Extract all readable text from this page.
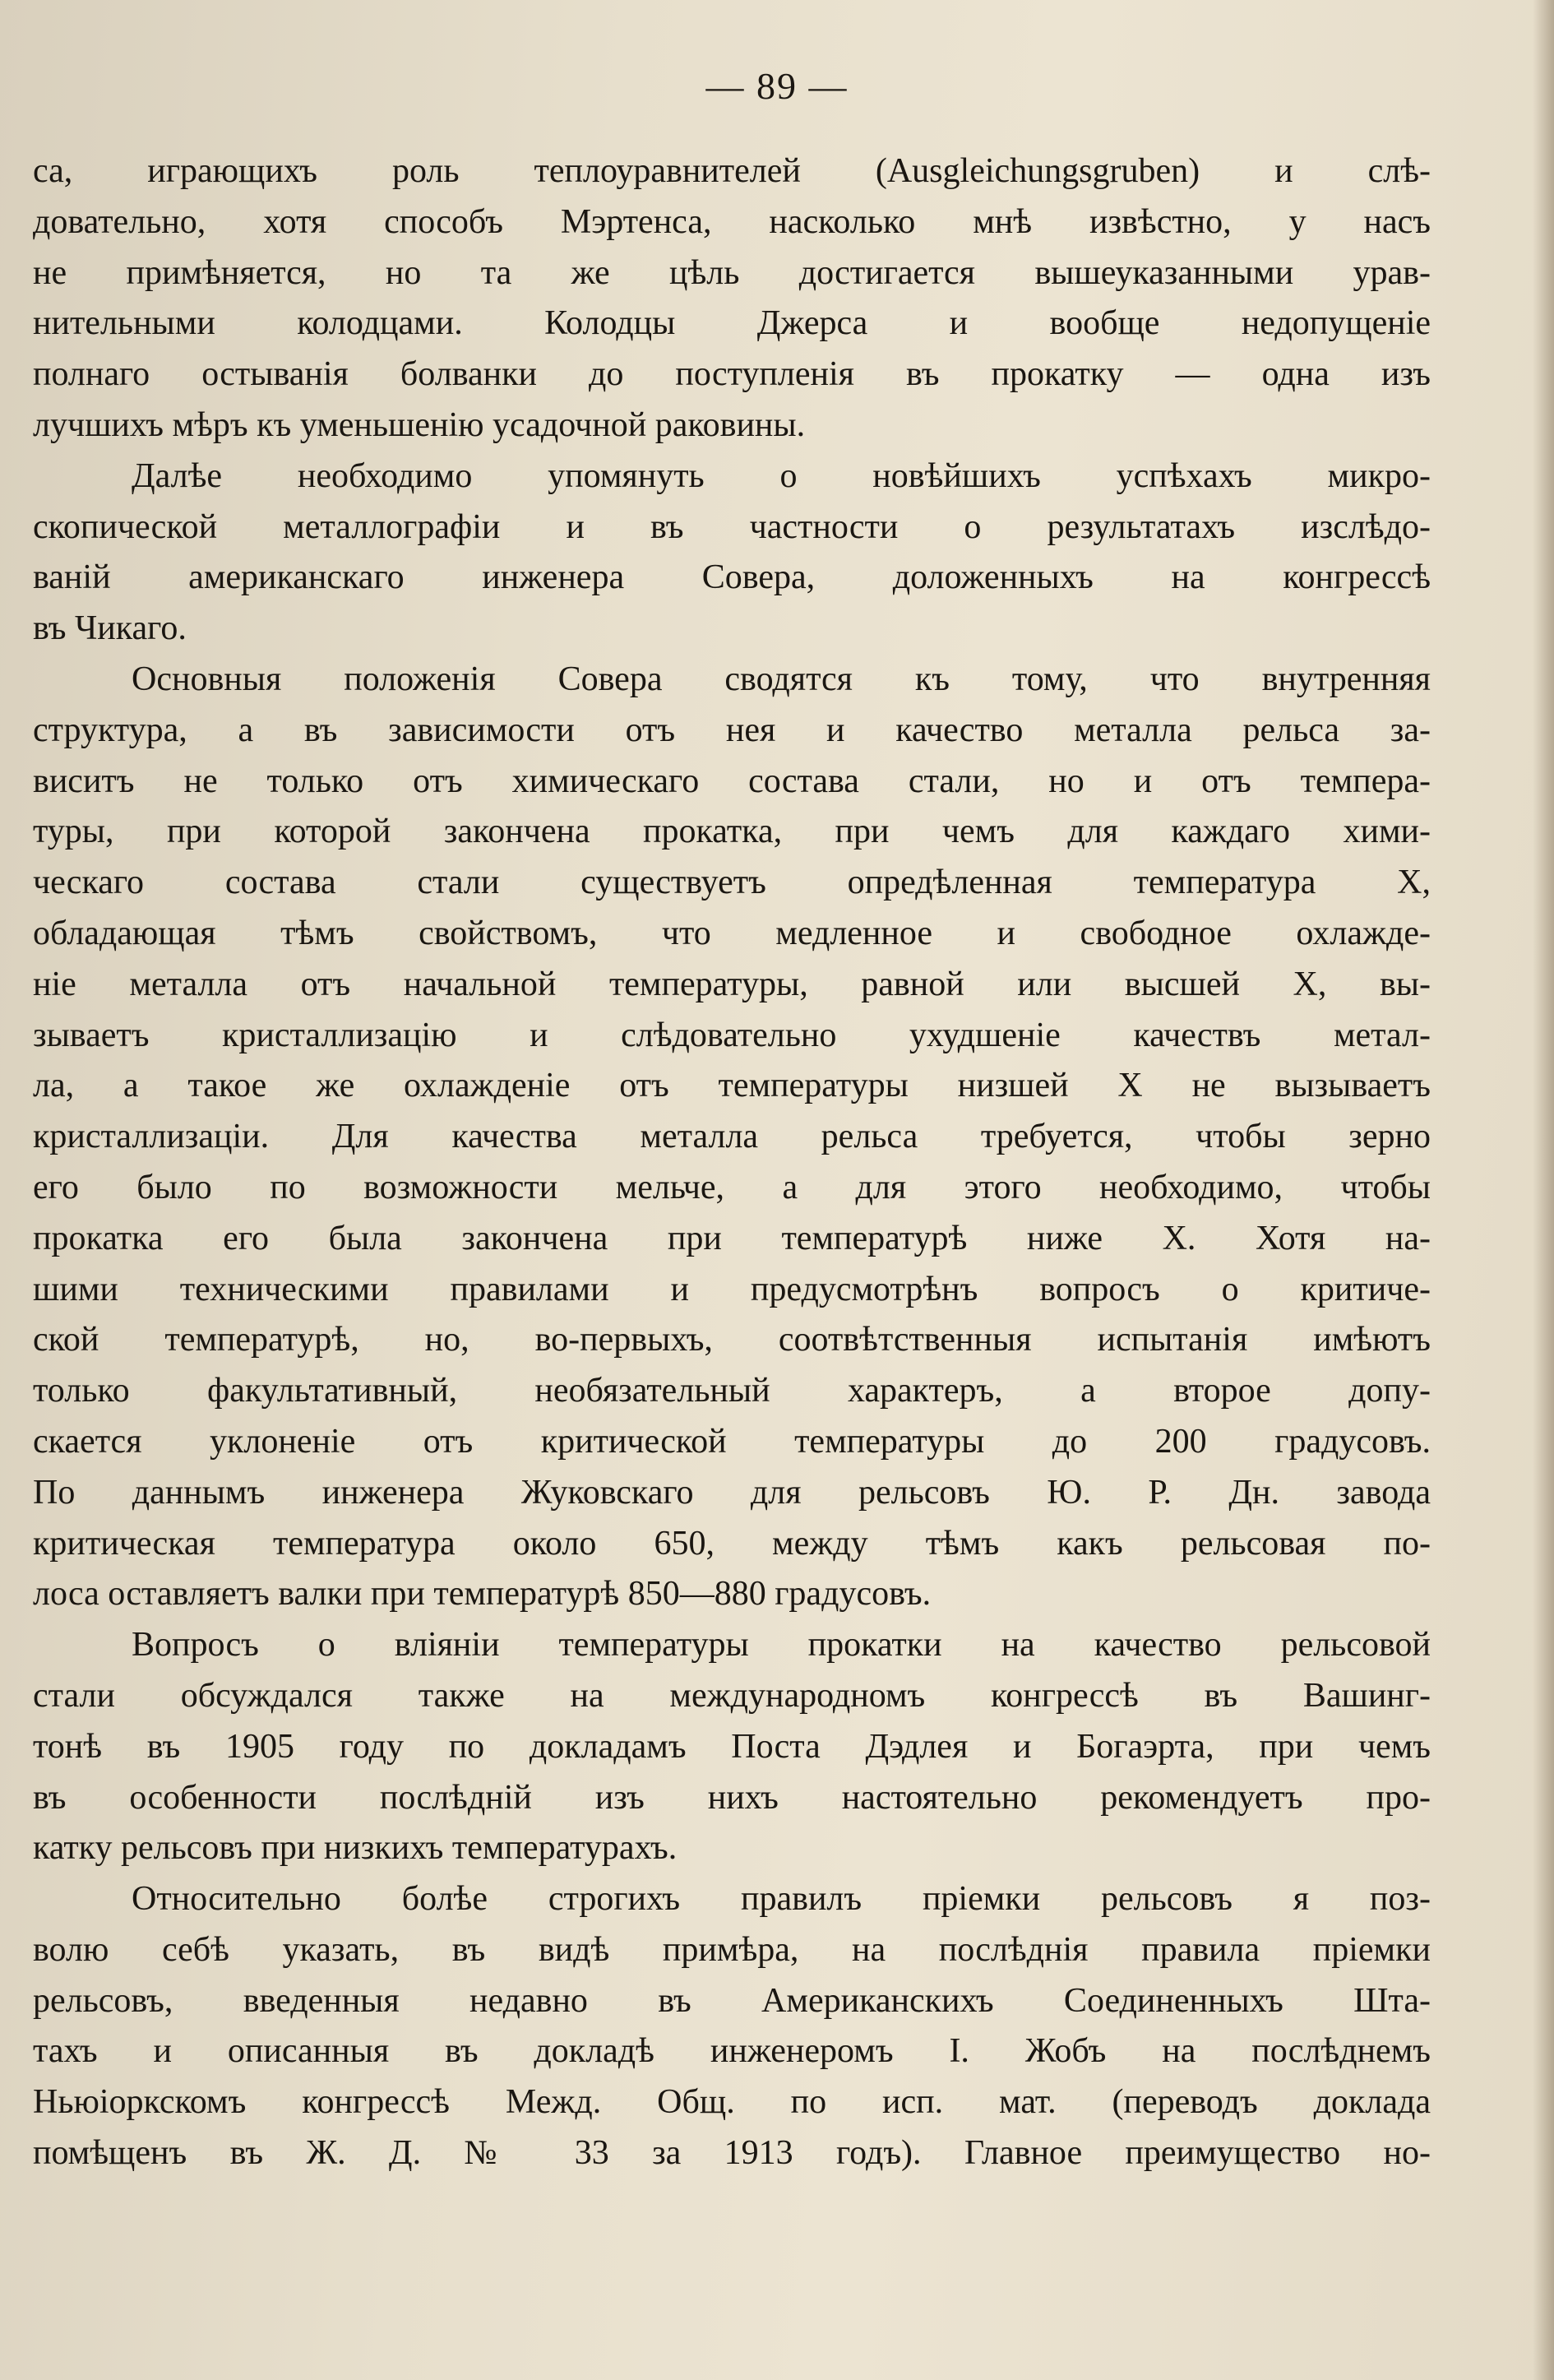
— 89 —
са, играющихъ роль теплоуравнителей (Ausgleichungsgruben) и слѣ-
довательно, хотя способъ Мэртенса, насколько мнѣ извѣстно, у насъ
не примѣняется, но та же цѣль достигается вышеуказанными урав-
нительными колодцами. Колодцы Джерса и вообще недопущеніе
полнаго остыванія болванки до поступленія въ прокатку — одна изъ
лучшихъ мѣръ къ уменьшенію усадочной раковины.
Далѣе необходимо упомянуть о новѣйшихъ успѣхахъ микро-
скопической металлографіи и въ частности о результатахъ изслѣдо-
ваній американскаго инженера Совера, доложенныхъ на конгрессѣ
въ Чикаго.
Основныя положенія Совера сводятся къ тому, что внутренняя
структура, а въ зависимости отъ нея и качество металла рельса за-
виситъ не только отъ химическаго состава стали, но и отъ темпера-
туры, при которой закончена прокатка, при чемъ для каждаго хими-
ческаго состава стали существуетъ опредѣленная температура X,
обладающая тѣмъ свойствомъ, что медленное и свободное охлажде-
ніе металла отъ начальной температуры, равной или высшей X, вы-
зываетъ кристаллизацію и слѣдовательно ухудшеніе качествъ метал-
ла, а такое же охлажденіе отъ температуры низшей X не вызываетъ
кристаллизаціи. Для качества металла рельса требуется, чтобы зерно
его было по возможности мельче, а для этого необходимо, чтобы
прокатка его была закончена при температурѣ ниже X. Хотя на-
шими техническими правилами и предусмотрѣнъ вопросъ о критиче-
ской температурѣ, но, во-первыхъ, соотвѣтственныя испытанія имѣютъ
только факультативный, необязательный характеръ, а второе допу-
скается уклоненіе отъ критической температуры до 200 градусовъ.
По даннымъ инженера Жуковскаго для рельсовъ Ю. Р. Дн. завода
критическая температура около 650, между тѣмъ какъ рельсовая по-
лоса оставляетъ валки при температурѣ 850—880 градусовъ.
Вопросъ о вліяніи температуры прокатки на качество рельсовой
стали обсуждался также на международномъ конгрессѣ въ Вашинг-
тонѣ въ 1905 году по докладамъ Поста Дэдлея и Богаэрта, при чемъ
въ особенности послѣдній изъ нихъ настоятельно рекомендуетъ про-
катку рельсовъ при низкихъ температурахъ.
Относительно болѣе строгихъ правилъ пріемки рельсовъ я поз-
волю себѣ указать, въ видѣ примѣра, на послѣднія правила пріемки
рельсовъ, введенныя недавно въ Американскихъ Соединенныхъ Шта-
тахъ и описанныя въ докладѣ инженеромъ I. Жобъ на послѣднемъ
Ньюіоркскомъ конгрессѣ Межд. Общ. по исп. мат. (переводъ доклада
помѣщенъ въ Ж. Д. № 33 за 1913 годъ). Главное преимущество но-
